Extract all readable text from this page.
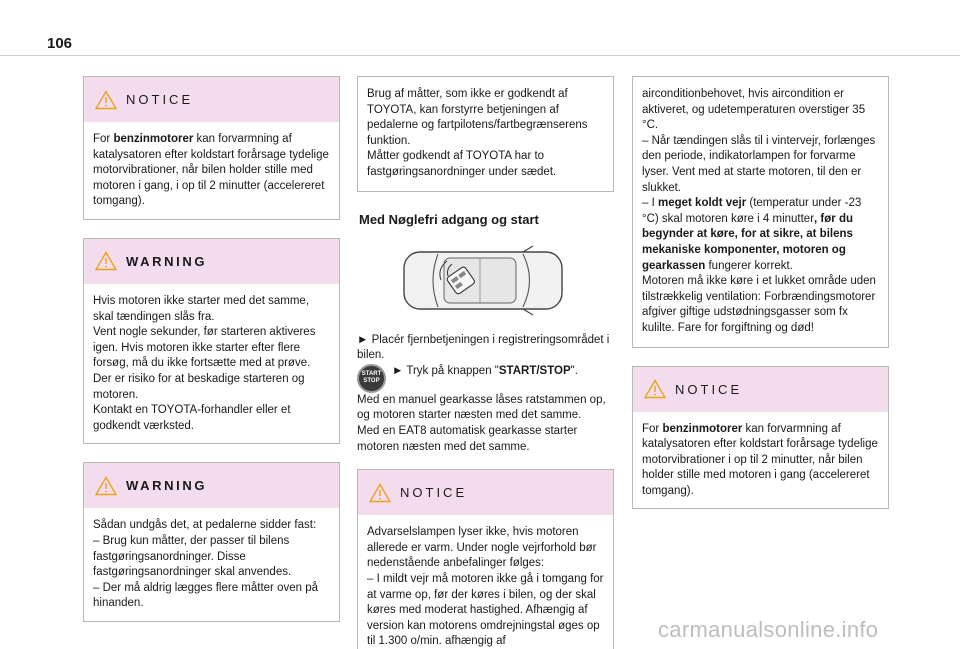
106
NOTICE

For benzinmotorer kan forvarmning af katalysatoren efter koldstart forårsage tydelige motorvibrationer, når bilen holder stille med motoren i gang, i op til 2 minutter (accelereret tomgang).

WARNING

Hvis motoren ikke starter med det samme, skal tændingen slås fra.

Vent nogle sekunder, før starteren aktiveres igen. Hvis motoren ikke starter efter flere forsøg, må du ikke fortsætte med at prøve. Der er risiko for at beskadige starteren og motoren.

Kontakt en TOYOTA-forhandler eller et godkendt værksted.

WARNING

Sådan undgås det, at pedalerne sidder fast:

– Brug kun måtter, der passer til bilens fastgøringsanordninger. Disse fastgøringsanordninger skal anvendes.

– Der må aldrig lægges flere måtter oven på hinanden.

Brug af måtter, som ikke er godkendt af TOYOTA, kan forstyrre betjeningen af pedalerne og fartpilotens/fartbegrænserens funktion.

Måtter godkendt af TOYOTA har to fastgøringsanordninger under sædet.

Med Nøglefri adgang og start

► Placér fjernbetjeningen i registreringsområdet i bilen.

START
STOP

► Tryk på knappen "START/STOP".

Med en manuel gearkasse låses ratstammen op, og motoren starter næsten med det samme.

Med en EAT8 automatisk gearkasse starter motoren næsten med det samme.

NOTICE

Advarselslampen lyser ikke, hvis motoren allerede er varm. Under nogle vejrforhold bør nedenstående anbefalinger følges:

– I mildt vejr må motoren ikke gå i tomgang for at varme op, før der køres i bilen, og der skal køres med moderat hastighed. Afhængig af version kan motorens omdrejningstal øges op til 1.300 o/min. afhængig af

airconditionbehovet, hvis aircondition er aktiveret, og udetemperaturen overstiger 35 °C.

– Når tændingen slås til i vintervejr, forlænges den periode, indikatorlampen for forvarme lyser. Vent med at starte motoren, til den er slukket.

– I meget koldt vejr (temperatur under -23 °C) skal motoren køre i 4 minutter, før du begynder at køre, for at sikre, at bilens mekaniske komponenter, motoren og gearkassen fungerer korrekt.

Motoren må ikke køre i et lukket område uden tilstrækkelig ventilation: Forbrændingsmotorer afgiver giftige udstødningsgasser som fx kulilte. Fare for forgiftning og død!

NOTICE

For benzinmotorer kan forvarmning af katalysatoren efter koldstart forårsage tydelige motorvibrationer i op til 2 minutter, når bilen holder stille med motoren i gang (accelereret tomgang).

carmanualsonline.info
